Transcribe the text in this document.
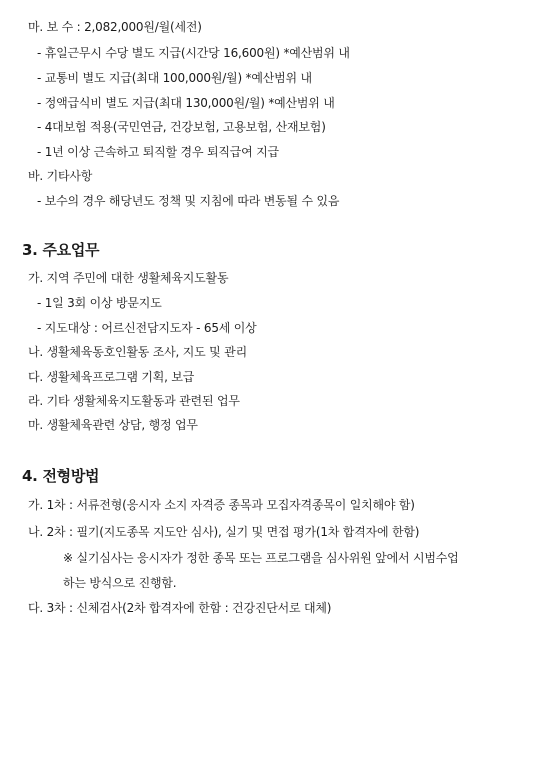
마. 보 수 : 2,082,000원/월(세전)
- 휴일근무시 수당 별도 지급(시간당 16,600원) *예산범위 내
- 교통비 별도 지급(최대 100,000원/월) *예산범위 내
- 정액급식비 별도 지급(최대 130,000원/월) *예산범위 내
- 4대보험 적용(국민연금, 건강보험, 고용보험, 산재보험)
- 1년 이상 근속하고 퇴직할 경우 퇴직급여 지급
바. 기타사항
- 보수의 경우 해당년도 정책 및 지침에 따라 변동될 수 있음
3. 주요업무
가. 지역 주민에 대한 생활체육지도활동
- 1일 3회 이상 방문지도
- 지도대상 : 어르신전담지도자 - 65세 이상
나. 생활체육동호인활동 조사, 지도 및 관리
다. 생활체육프로그램 기획, 보급
라. 기타 생활체육지도활동과 관련된 업무
마. 생활체육관련 상담, 행정 업무
4. 전형방법
가. 1차 : 서류전형(응시자 소지 자격증 종목과 모집자격종목이 일치해야 함)
나. 2차 : 필기(지도종목 지도안 심사), 실기 및 면접 평가(1차 합격자에 한함)
※ 실기심사는 응시자가 정한 종목 또는 프로그램을 심사위원 앞에서 시범수업
하는 방식으로 진행함.
다. 3차 : 신체검사(2차 합격자에 한함 : 건강진단서로 대체)
